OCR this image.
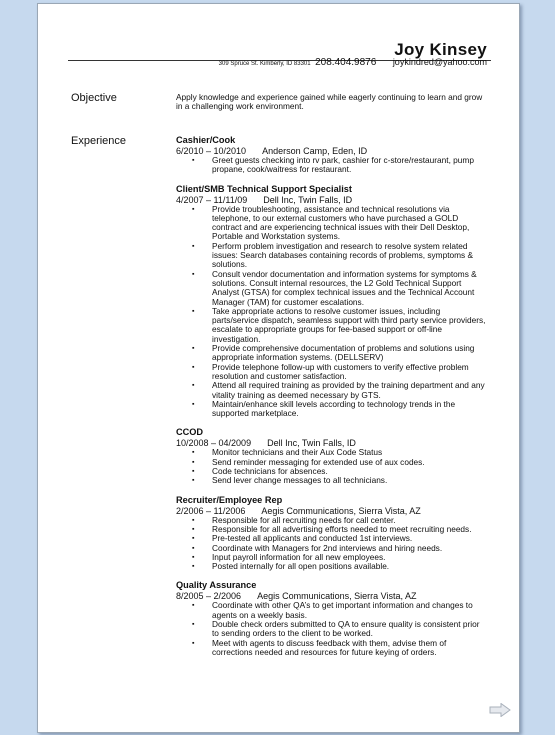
Joy Kinsey
309 Spruce St. Kimberly, ID 83301 208.404.9876 joykindred@yahoo.com
Objective	Apply knowledge and experience gained while eagerly continuing to learn and grow in a challenging work environment.
Experience	Cashier/Cook
6/2010 – 10/2010 Anderson Camp, Eden, ID
▪ Greet guests checking into rv park, cashier for c-store/restaurant, pump propane, cook/waitress for restaurant.
Client/SMB Technical Support Specialist
4/2007 – 11/11/09 Dell Inc, Twin Falls, ID
▪ Provide troubleshooting, assistance and technical resolutions via telephone, to our external customers who have purchased a GOLD contract and are experiencing technical issues with their Dell Desktop, Portable and Workstation systems.
▪ Perform problem investigation and research to resolve system related issues: Search databases containing records of problems, symptoms & solutions.
▪ Consult vendor documentation and information systems for symptoms & solutions. Consult internal resources, the L2 Gold Technical Support Analyst (GTSA) for complex technical issues and the Technical Account Manager (TAM) for customer escalations.
▪ Take appropriate actions to resolve customer issues, including parts/service dispatch, seamless support with third party service providers, escalate to appropriate groups for fee-based support or off-line investigation.
▪ Provide comprehensive documentation of problems and solutions using appropriate information systems. (DELLSERV)
▪ Provide telephone follow-up with customers to verify effective problem resolution and customer satisfaction.
▪ Attend all required training as provided by the training department and any vitality training as deemed necessary by GTS.
▪ Maintain/enhance skill levels according to technology trends in the supported marketplace.
CCOD
10/2008 – 04/2009 Dell Inc, Twin Falls, ID
▪ Monitor technicians and their Aux Code Status
▪ Send reminder messaging for extended use of aux codes.
▪ Code technicians for absences.
▪ Send lever change messages to all technicians.
Recruiter/Employee Rep
2/2006 – 11/2006 Aegis Communications, Sierra Vista, AZ
▪ Responsible for all recruiting needs for call center.
▪ Responsible for all advertising efforts needed to meet recruiting needs.
▪ Pre-tested all applicants and conducted 1st interviews.
▪ Coordinate with Managers for 2nd interviews and hiring needs.
▪ Input payroll information for all new employees.
▪ Posted internally for all open positions available.
Quality Assurance
8/2005 – 2/2006 Aegis Communications, Sierra Vista, AZ
▪ Coordinate with other QA’s to get important information and changes to agents on a weekly basis.
▪ Double check orders submitted to QA to ensure quality is consistent prior to sending orders to the client to be worked.
▪ Meet with agents to discuss feedback with them, advise them of corrections needed and resources for future keying of orders.
